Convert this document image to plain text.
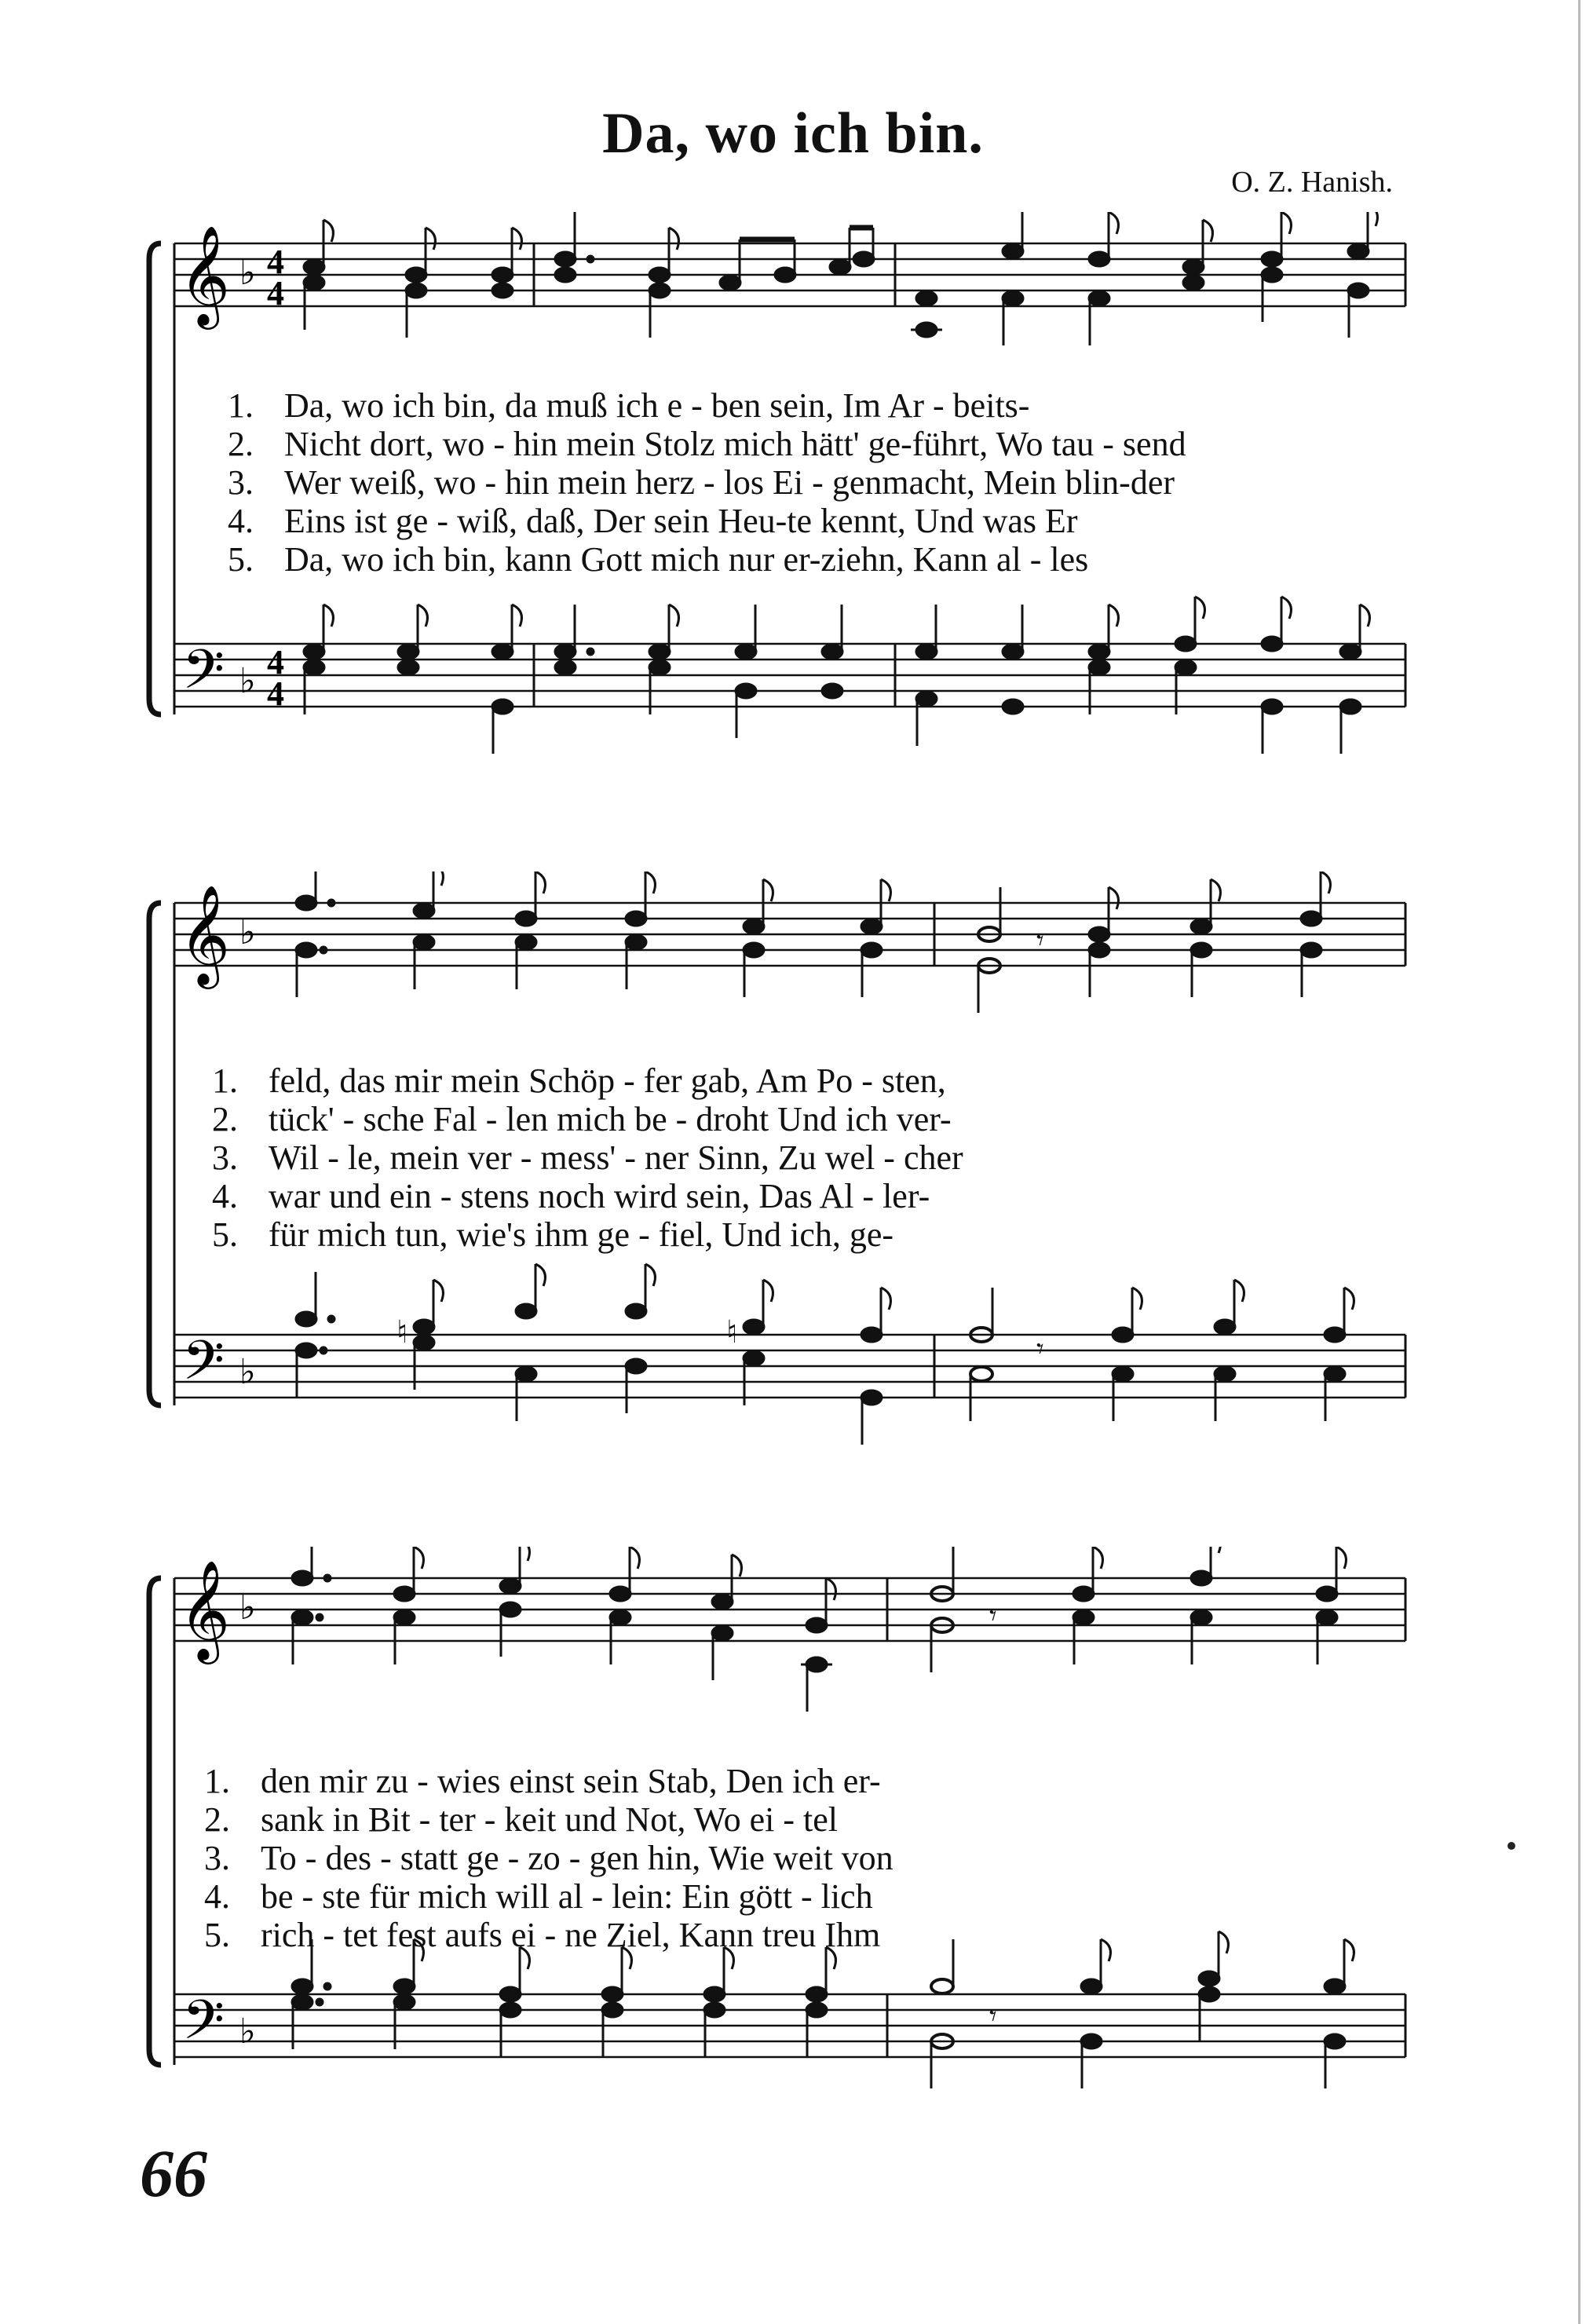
Da, wo ich bin.
O. Z. Hanish.
𝄞
𝄢
♭
♭
4
4
4
4
1. Da, wo ich bin, da muß ich e - ben sein, Im Ar - beits-
2. Nicht dort, wo - hin mein Stolz mich hätt' ge-führt, Wo tau - send
3. Wer weiß, wo - hin mein herz - los Ei - genmacht, Mein blin-der
4. Eins ist ge - wiß, daß, Der sein Heu-te kennt, Und was Er
5. Da, wo ich bin, kann Gott mich nur er-ziehn, Kann al - les
𝄞
𝄢
♭
♭
𝄾
♮	♮	𝄾
1. feld, das mir mein Schöp - fer gab, Am Po - sten,
2. tück' - sche Fal - len mich be - droht Und ich ver-
3. Wil - le, mein ver - mess' - ner Sinn, Zu wel - cher
4. war und ein - stens noch wird sein, Das Al - ler-
5. für mich tun, wie's ihm ge - fiel, Und ich, ge-
𝄞
𝄢
♭
♭
𝄾
𝄾
1. den mir zu - wies einst sein Stab, Den ich er-
2. sank in Bit - ter - keit und Not, Wo ei - tel
3. To - des - statt ge - zo - gen hin, Wie weit von
4. be - ste für mich will al - lein: Ein gött - lich
5. rich - tet fest aufs ei - ne Ziel, Kann treu Ihm
66
